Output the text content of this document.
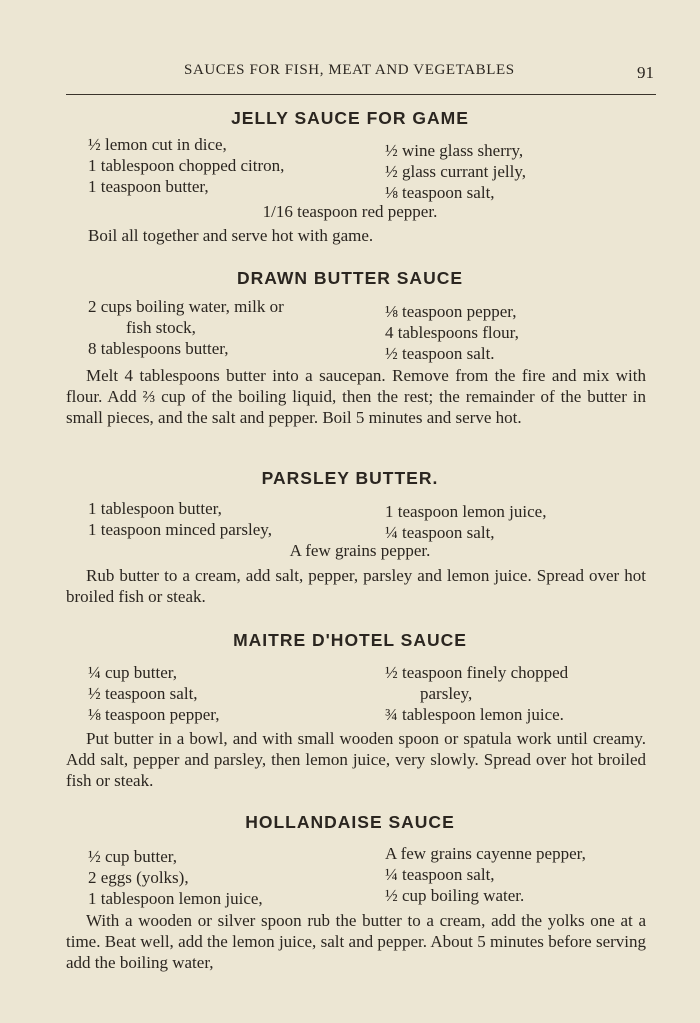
SAUCES FOR FISH, MEAT AND VEGETABLES	91
JELLY SAUCE FOR GAME
½ lemon cut in dice,	½ wine glass sherry,
1 tablespoon chopped citron,	½ glass currant jelly,
1 teaspoon butter,	⅛ teaspoon salt,
1/16 teaspoon red pepper.

Boil all together and serve hot with game.

DRAWN BUTTER SAUCE
2 cups boiling water, milk or	⅛ teaspoon pepper,
fish stock,	4 tablespoons flour,
8 tablespoons butter,	½ teaspoon salt.

Melt 4 tablespoons butter into a saucepan. Remove from the fire and mix with flour. Add ⅔ cup of the boiling liquid, then the rest; the remainder of the butter in small pieces, and the salt and pepper. Boil 5 minutes and serve hot.

PARSLEY BUTTER.
1 tablespoon butter,	1 teaspoon lemon juice,
1 teaspoon minced parsley,	¼ teaspoon salt,
A few grains pepper.

Rub butter to a cream, add salt, pepper, parsley and lemon juice. Spread over hot broiled fish or steak.

MAITRE D'HOTEL SAUCE
¼ cup butter,	½ teaspoon finely chopped
½ teaspoon salt,	parsley,
⅛ teaspoon pepper,	¾ tablespoon lemon juice.

Put butter in a bowl, and with small wooden spoon or spatula work until creamy. Add salt, pepper and parsley, then lemon juice, very slowly. Spread over hot broiled fish or steak.

HOLLANDAISE SAUCE
½ cup butter,	A few grains cayenne pepper,
2 eggs (yolks),	¼ teaspoon salt,
1 tablespoon lemon juice,	½ cup boiling water.

With a wooden or silver spoon rub the butter to a cream, add the yolks one at a time. Beat well, add the lemon juice, salt and pepper. About 5 minutes before serving add the boiling water,
